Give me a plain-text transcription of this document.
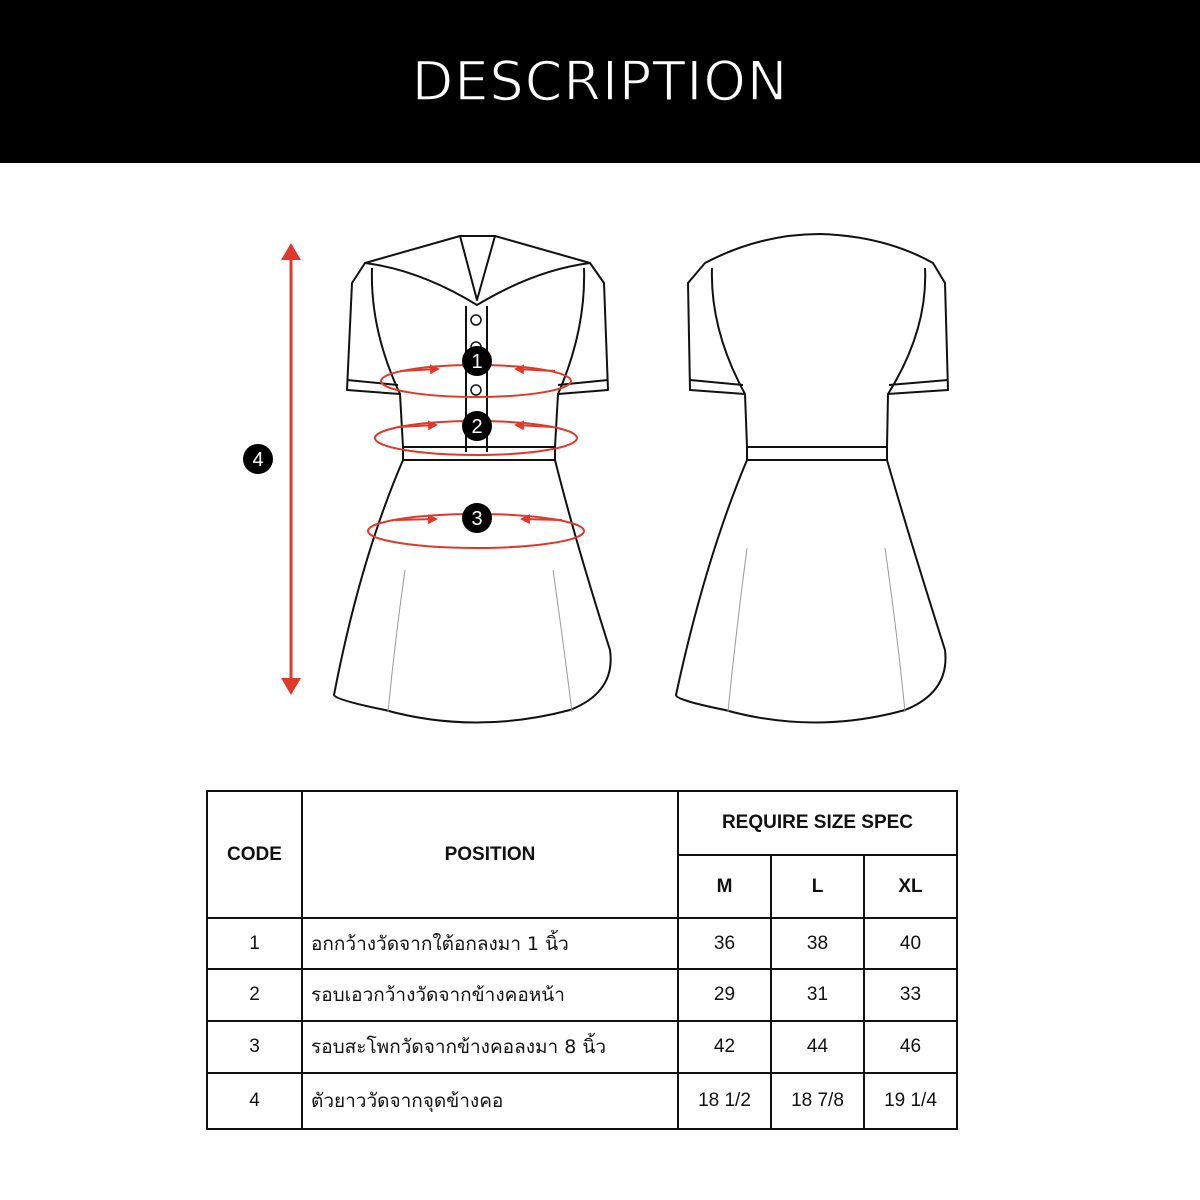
DESCRIPTION
1
2
3
4
CODE	POSITION	REQUIRE SIZE SPEC		
		M	L	XL
1	อกกว้างวัดจากใต้อกลงมา 1 นิ้ว	36	38	40
2	รอบเอวกว้างวัดจากข้างคอหน้า	29	31	33
3	รอบสะโพกวัดจากข้างคอลงมา 8 นิ้ว	42	44	46
4	ตัวยาววัดจากจุดข้างคอ	18 1/2	18 7/8	19 1/4
